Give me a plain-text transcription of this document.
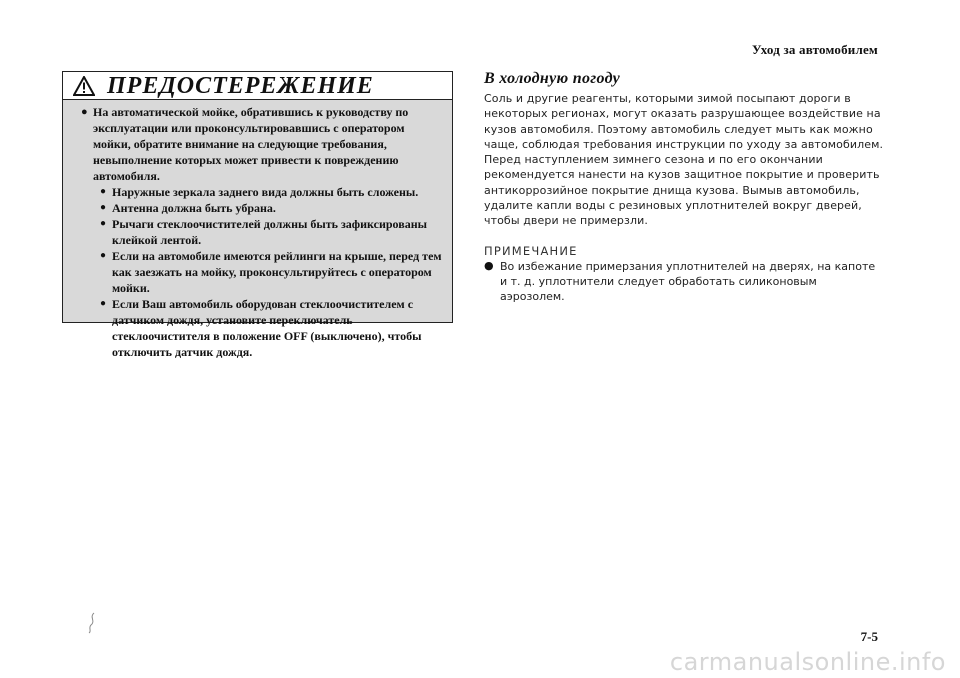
Уход за автомобилем
ПРЕДОСТЕРЕЖЕНИЕ
● На автоматической мойке, обратившись к руководству по эксплуатации или проконсультировавшись с оператором мойки, обратите внимание на следующие требования, невыполнение которых может привести к повреждению автомобиля.
● Наружные зеркала заднего вида должны быть сложены.
● Антенна должна быть убрана.
● Рычаги стеклоочистителей должны быть зафиксированы клейкой лентой.
● Если на автомобиле имеются рейлинги на крыше, перед тем как заезжать на мойку, проконсультируйтесь с оператором мойки.
● Если Ваш автомобиль оборудован стеклоочистителем с датчиком дождя, установите переключатель стеклоочистителя в положение OFF (выключено), чтобы отключить датчик дождя.
В холодную погоду
Соль и другие реагенты, которыми зимой посыпают дороги в некоторых регионах, могут оказать разрушающее воздействие на кузов автомобиля. Поэтому автомобиль следует мыть как можно чаще, соблюдая требования инструкции по уходу за автомобилем. Перед наступлением зимнего сезона и по его окончании рекомендуется нанести на кузов защитное покрытие и проверить антикоррозийное покрытие днища кузова. Вымыв автомобиль, удалите капли воды с резиновых уплотнителей вокруг дверей, чтобы двери не примерзли.
ПРИМЕЧАНИЕ
● Во избежание примерзания уплотнителей на дверях, на капоте и т. д. уплотнители следует обработать силиконовым аэрозолем.
7-5
carmanualsonline.info
